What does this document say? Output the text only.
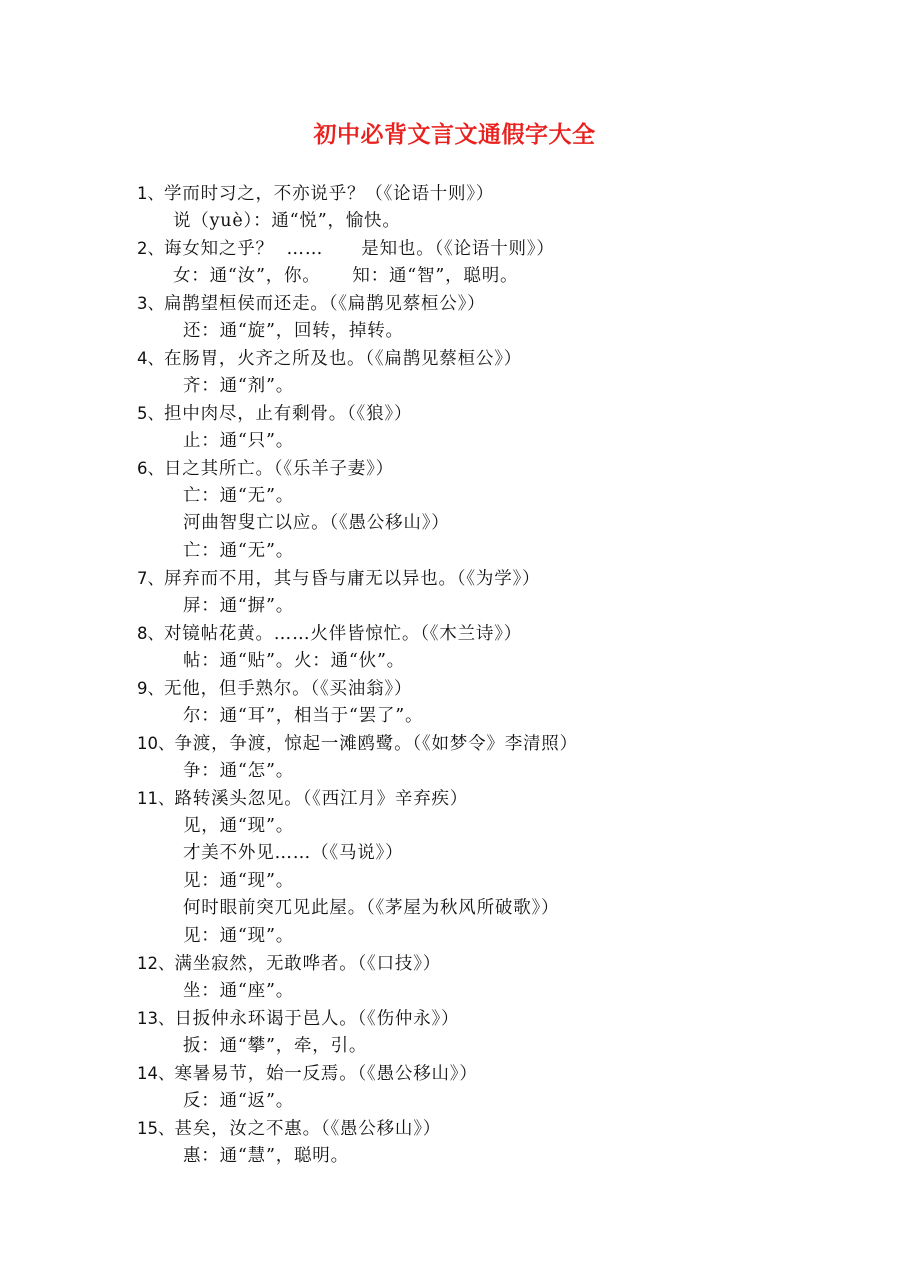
初中必背文言文通假字大全
1、学而时习之，不亦说乎？（《论语十则》）
说（yuè）：通“悦”，愉快。
2、诲女知之乎？  ……      是知也。（《论语十则》）
女：通“汝”，你。     知：通“智”，聪明。
3、扁鹊望桓侯而还走。（《扁鹊见蔡桓公》）
还：通“旋”，回转，掉转。
4、在肠胃，火齐之所及也。（《扁鹊见蔡桓公》）
齐：通“剂”。
5、担中肉尽，止有剩骨。（《狼》）
止：通“只”。
6、日之其所亡。（《乐羊子妻》）
亡：通“无”。
河曲智叟亡以应。（《愚公移山》）
亡：通“无”。
7、屏弃而不用，其与昏与庸无以异也。（《为学》）
屏：通“摒”。
8、对镜帖花黄。……火伴皆惊忙。（《木兰诗》）
帖：通“贴”。火：通“伙”。
9、无他，但手熟尔。（《买油翁》）
尔：通“耳”，相当于“罢了”。
10、争渡，争渡，惊起一滩鸥鹭。（《如梦令》李清照）
争：通“怎”。
11、路转溪头忽见。（《西江月》辛弃疾）
见，通“现”。
才美不外见……（《马说》）
见：通“现”。
何时眼前突兀见此屋。（《茅屋为秋风所破歌》）
见：通“现”。
12、满坐寂然，无敢哗者。（《口技》）
坐：通“座”。
13、日扳仲永环谒于邑人。（《伤仲永》）
扳：通“攀”，牵，引。
14、寒暑易节，始一反焉。（《愚公移山》）
反：通“返”。
15、甚矣，汝之不惠。（《愚公移山》）
惠：通“慧”，聪明。
